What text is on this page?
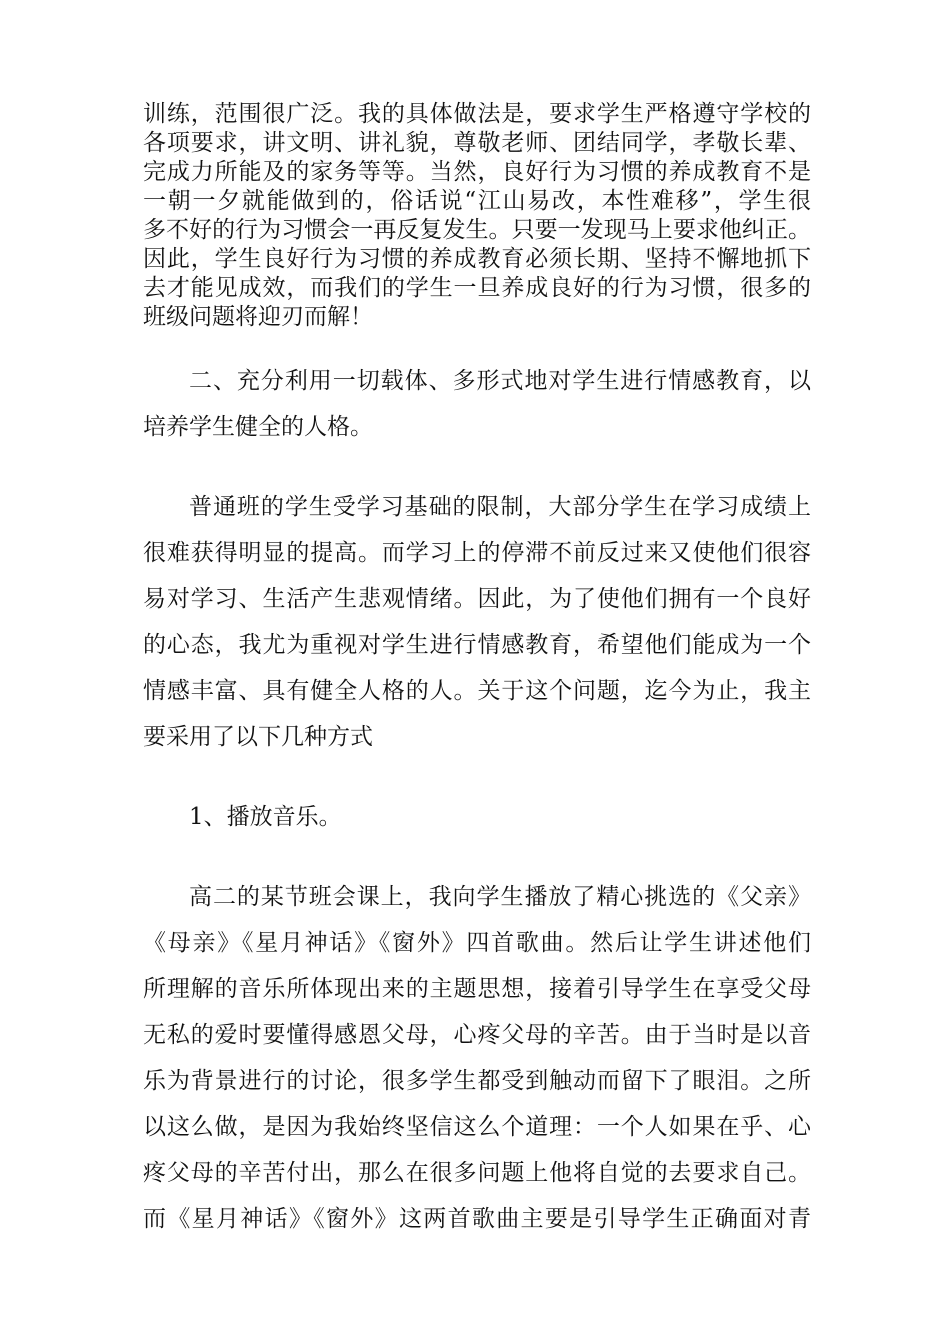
训练，范围很广泛。我的具体做法是，要求学生严格遵守学校的
各项要求，讲文明、讲礼貌，尊敬老师、团结同学，孝敬长辈、
完成力所能及的家务等等。当然，良好行为习惯的养成教育不是
一朝一夕就能做到的，俗话说“江山易改，本性难移”，学生很
多不好的行为习惯会一再反复发生。只要一发现马上要求他纠正。
因此，学生良好行为习惯的养成教育必须长期、坚持不懈地抓下
去才能见成效，而我们的学生一旦养成良好的行为习惯，很多的
班级问题将迎刃而解！
二、充分利用一切载体、多形式地对学生进行情感教育，以
培养学生健全的人格。
普通班的学生受学习基础的限制，大部分学生在学习成绩上
很难获得明显的提高。而学习上的停滞不前反过来又使他们很容
易对学习、生活产生悲观情绪。因此，为了使他们拥有一个良好
的心态，我尤为重视对学生进行情感教育，希望他们能成为一个
情感丰富、具有健全人格的人。关于这个问题，迄今为止，我主
要采用了以下几种方式
1、播放音乐。
高二的某节班会课上，我向学生播放了精心挑选的《父亲》
《母亲》《星月神话》《窗外》四首歌曲。然后让学生讲述他们
所理解的音乐所体现出来的主题思想，接着引导学生在享受父母
无私的爱时要懂得感恩父母，心疼父母的辛苦。由于当时是以音
乐为背景进行的讨论，很多学生都受到触动而留下了眼泪。之所
以这么做，是因为我始终坚信这么个道理：一个人如果在乎、心
疼父母的辛苦付出，那么在很多问题上他将自觉的去要求自己。
而《星月神话》《窗外》这两首歌曲主要是引导学生正确面对青
